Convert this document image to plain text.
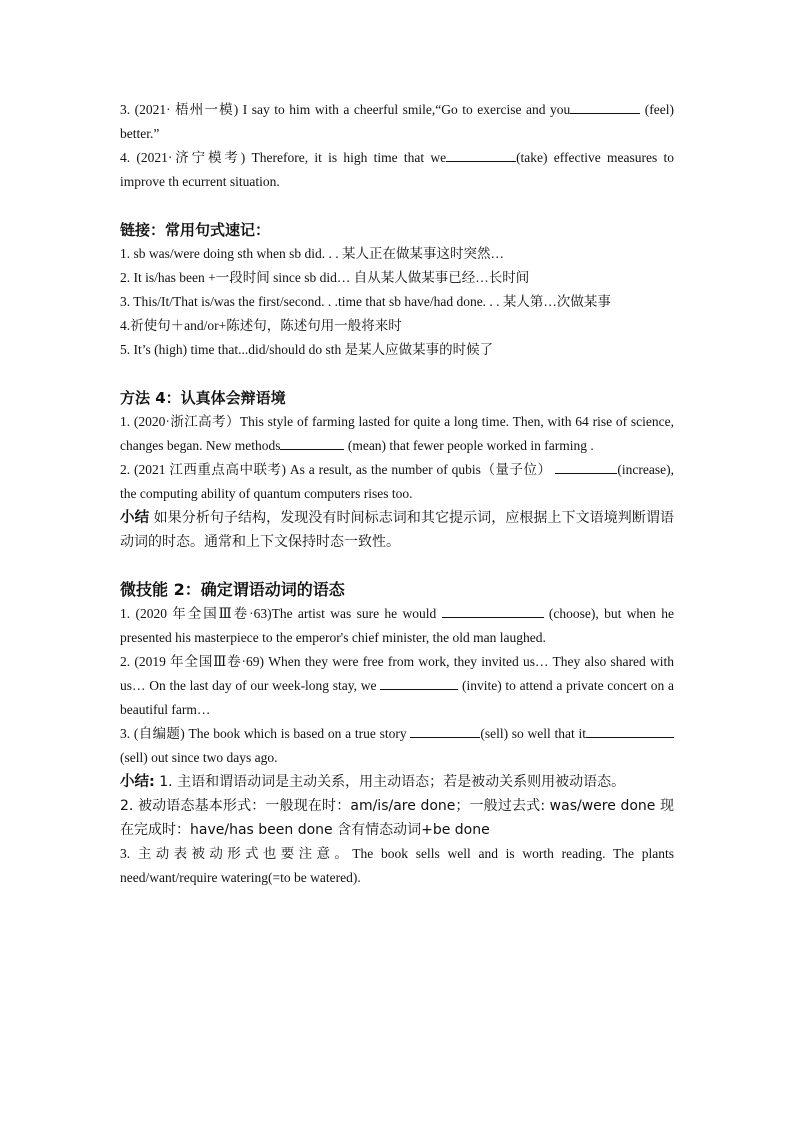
3. (2021· 梧州一模) I say to him with a cheerful smile,“Go to exercise and you	(feel) better.”

4. (2021·济宁模考) Therefore, it is high time that we	(take) effective measures to improve th ecurrent situation.

链接：常用句式速记：

1. sb was/were doing sth when sb did. . . 某人正在做某事这时突然…

2. It is/has been +一段时间 since sb did… 自从某人做某事已经…长时间

3. This/It/That is/was the first/second. . .time that sb have/had done. . . 某人第…次做某事

4.祈使句＋and/or+陈述句，陈述句用一般将来时

5. It’s (high) time that...did/should do sth 是某人应做某事的时候了

方法 4：认真体会辩语境

1. (2020·浙江高考）This style of farming lasted for quite a long time. Then, with 64 rise of science, changes began. New methods	(mean) that fewer people worked in farming .

2. (2021 江西重点高中联考) As a result, as the number of qubis（量子位）	(increase), the computing ability of quantum computers rises too.

小结 如果分析句子结构，发现没有时间标志词和其它提示词，应根据上下文语境判断谓语动词的时态。通常和上下文保持时态一致性。

微技能 2：确定谓语动词的语态

1. (2020 年全国Ⅲ卷·63)The artist was sure he would	(choose), but when he presented his masterpiece to the emperor's chief minister, the old man laughed.

2. (2019 年全国Ⅲ卷·69) When they were free from work, they invited us… They also shared with us… On the last day of our week-long stay, we	(invite) to attend a private concert on a beautiful farm…

3. (自编题) The book which is based on a true story	(sell) so well that it(sell) out since two days ago.

小结: 1. 主语和谓语动词是主动关系，用主动语态；若是被动关系则用被动语态。

2. 被动语态基本形式：一般现在时：am/is/are done；一般过去式: was/were done 现在完成时：have/has been done 含有情态动词+be done

3. 主动表被动形式也要注意。The book sells well and is worth reading. The plants need/want/require watering(=to be watered).
